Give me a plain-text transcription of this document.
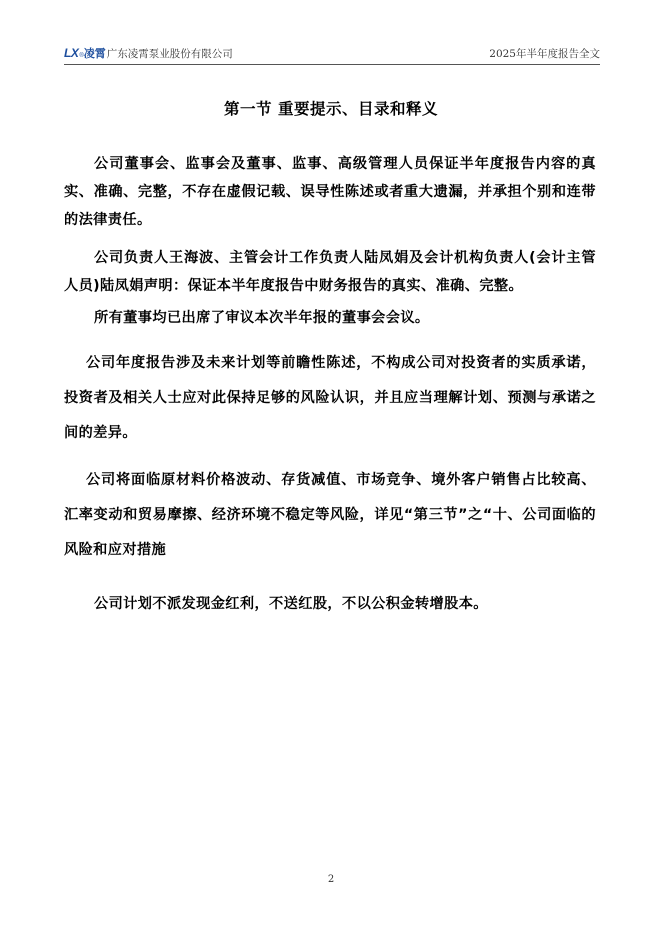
LX ® 凌霄 广东凌霄泵业股份有限公司	2025年半年度报告全文
第一节 重要提示、目录和释义

公司董事会、监事会及董事、监事、高级管理人员保证半年度报告内容的真实、准确、完整，不存在虚假记载、误导性陈述或者重大遗漏，并承担个别和连带的法律责任。

公司负责人王海波、主管会计工作负责人陆凤娟及会计机构负责人(会计主管人员)陆凤娟声明：保证本半年度报告中财务报告的真实、准确、完整。

所有董事均已出席了审议本次半年报的董事会会议。

公司年度报告涉及未来计划等前瞻性陈述，不构成公司对投资者的实质承诺，投资者及相关人士应对此保持足够的风险认识，并且应当理解计划、预测与承诺之间的差异。

公司将面临原材料价格波动、存货减值、市场竞争、境外客户销售占比较高、汇率变动和贸易摩擦、经济环境不稳定等风险，详见“第三节”之“十、公司面临的风险和应对措施

公司计划不派发现金红利，不送红股，不以公积金转增股本。

2
